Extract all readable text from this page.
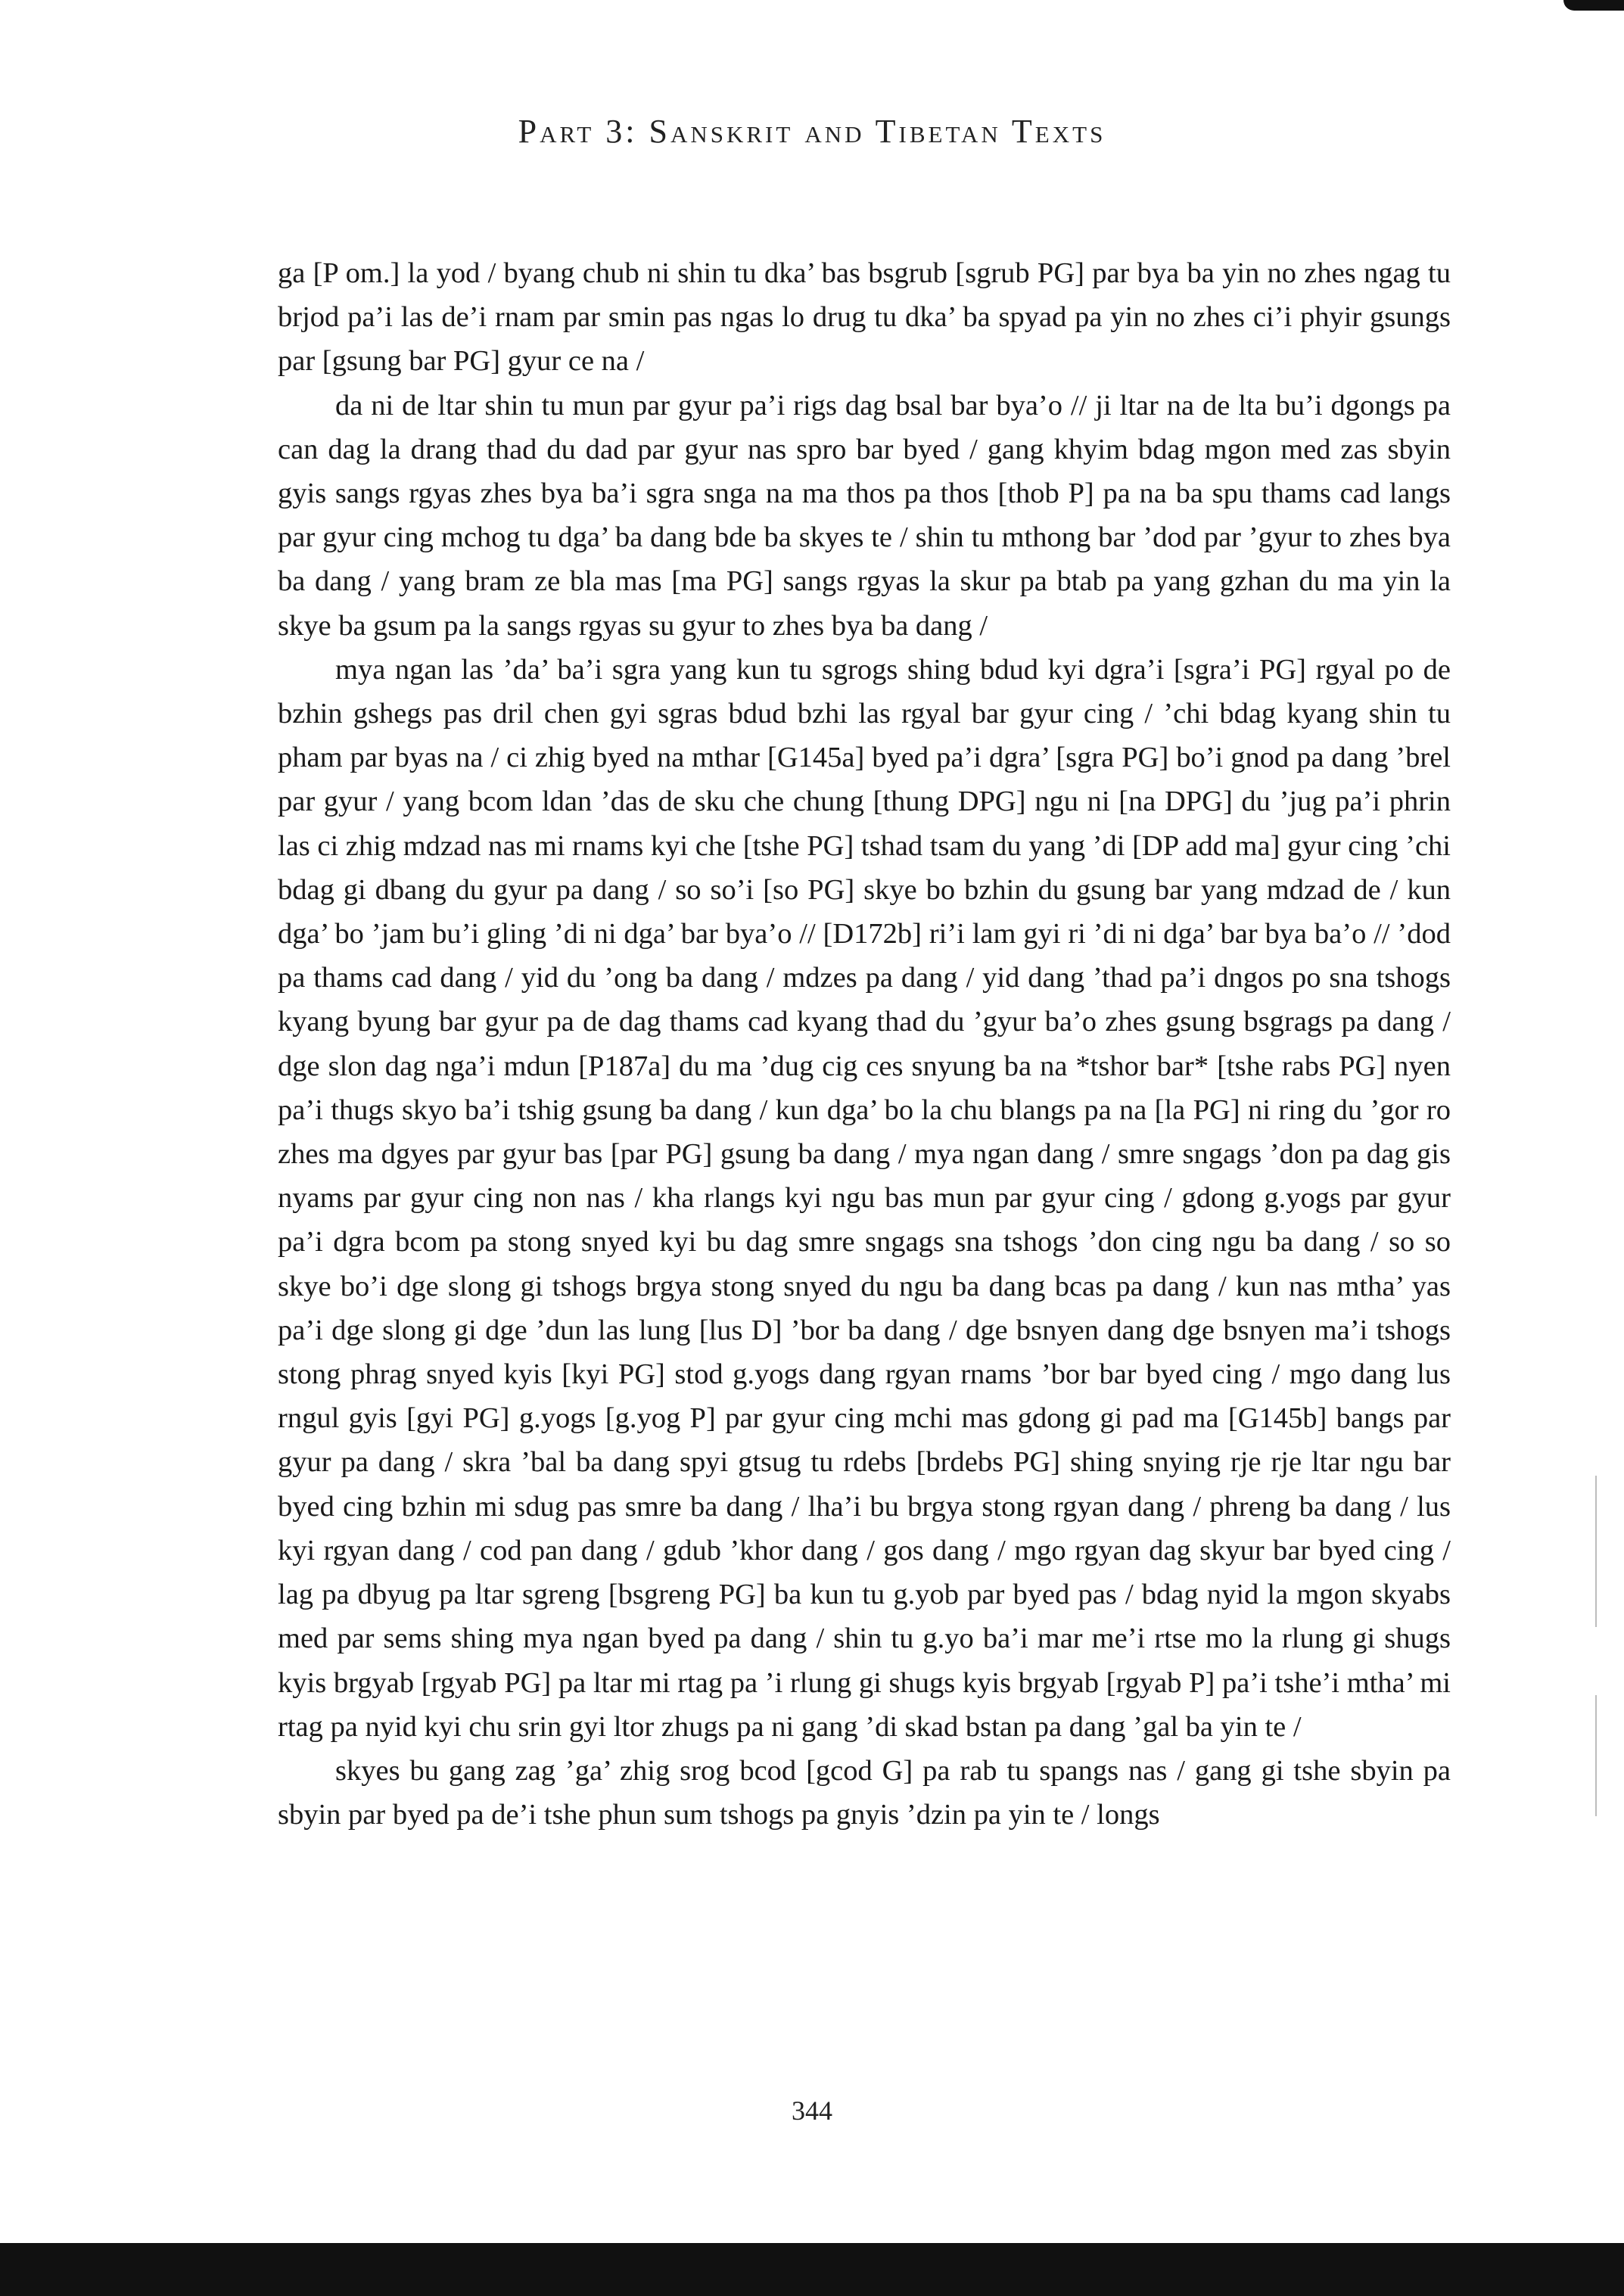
Part 3: Sanskrit and Tibetan Texts

ga [P om.] la yod / byang chub ni shin tu dka’ bas bsgrub [sgrub PG] par bya ba yin no zhes ngag tu brjod pa’i las de’i rnam par smin pas ngas lo drug tu dka’ ba spyad pa yin no zhes ci’i phyir gsungs par [gsung bar PG] gyur ce na /

da ni de ltar shin tu mun par gyur pa’i rigs dag bsal bar bya’o // ji ltar na de lta bu’i dgongs pa can dag la drang thad du dad par gyur nas spro bar byed / gang khyim bdag mgon med zas sbyin gyis sangs rgyas zhes bya ba’i sgra snga na ma thos pa thos [thob P] pa na ba spu thams cad langs par gyur cing mchog tu dga’ ba dang bde ba skyes te / shin tu mthong bar ’dod par ’gyur to zhes bya ba dang / yang bram ze bla mas [ma PG] sangs rgyas la skur pa btab pa yang gzhan du ma yin la skye ba gsum pa la sangs rgyas su gyur to zhes bya ba dang /

mya ngan las ’da’ ba’i sgra yang kun tu sgrogs shing bdud kyi dgra’i [sgra’i PG] rgyal po de bzhin gshegs pas dril chen gyi sgras bdud bzhi las rgyal bar gyur cing / ’chi bdag kyang shin tu pham par byas na / ci zhig byed na mthar [G145a] byed pa’i dgra’ [sgra PG] bo’i gnod pa dang ’brel par gyur / yang bcom ldan ’das de sku che chung [thung DPG] ngu ni [na DPG] du ’jug pa’i phrin las ci zhig mdzad nas mi rnams kyi che [tshe PG] tshad tsam du yang ’di [DP add ma] gyur cing ’chi bdag gi dbang du gyur pa dang / so so’i [so PG] skye bo bzhin du gsung bar yang mdzad de / kun dga’ bo ’jam bu’i gling ’di ni dga’ bar bya’o // [D172b] ri’i lam gyi ri ’di ni dga’ bar bya ba’o // ’dod pa thams cad dang / yid du ’ong ba dang / mdzes pa dang / yid dang ’thad pa’i dngos po sna tshogs kyang byung bar gyur pa de dag thams cad kyang thad du ’gyur ba’o zhes gsung bsgrags pa dang / dge slon dag nga’i mdun [P187a] du ma ’dug cig ces snyung ba na *tshor bar* [tshe rabs PG] nyen pa’i thugs skyo ba’i tshig gsung ba dang / kun dga’ bo la chu blangs pa na [la PG] ni ring du ’gor ro zhes ma dgyes par gyur bas [par PG] gsung ba dang / mya ngan dang / smre sngags ’don pa dag gis nyams par gyur cing non nas / kha rlangs kyi ngu bas mun par gyur cing / gdong g.yogs par gyur pa’i dgra bcom pa stong snyed kyi bu dag smre sngags sna tshogs ’don cing ngu ba dang / so so skye bo’i dge slong gi tshogs brgya stong snyed du ngu ba dang bcas pa dang / kun nas mtha’ yas pa’i dge slong gi dge ’dun las lung [lus D] ’bor ba dang / dge bsnyen dang dge bsnyen ma’i tshogs stong phrag snyed kyis [kyi PG] stod g.yogs dang rgyan rnams ’bor bar byed cing / mgo dang lus rngul gyis [gyi PG] g.yogs [g.yog P] par gyur cing mchi mas gdong gi pad ma [G145b] bangs par gyur pa dang / skra ’bal ba dang spyi gtsug tu rdebs [brdebs PG] shing snying rje rje ltar ngu bar byed cing bzhin mi sdug pas smre ba dang / lha’i bu brgya stong rgyan dang / phreng ba dang / lus kyi rgyan dang / cod pan dang / gdub ’khor dang / gos dang / mgo rgyan dag skyur bar byed cing / lag pa dbyug pa ltar sgreng [bsgreng PG] ba kun tu g.yob par byed pas / bdag nyid la mgon skyabs med par sems shing mya ngan byed pa dang / shin tu g.yo ba’i mar me’i rtse mo la rlung gi shugs kyis brgyab [rgyab PG] pa ltar mi rtag pa ’i rlung gi shugs kyis brgyab [rgyab P] pa’i tshe’i mtha’ mi rtag pa nyid kyi chu srin gyi ltor zhugs pa ni gang ’di skad bstan pa dang ’gal ba yin te /

skyes bu gang zag ’ga’ zhig srog bcod [gcod G] pa rab tu spangs nas / gang gi tshe sbyin pa sbyin par byed pa de’i tshe phun sum tshogs pa gnyis ’dzin pa yin te / longs

344
